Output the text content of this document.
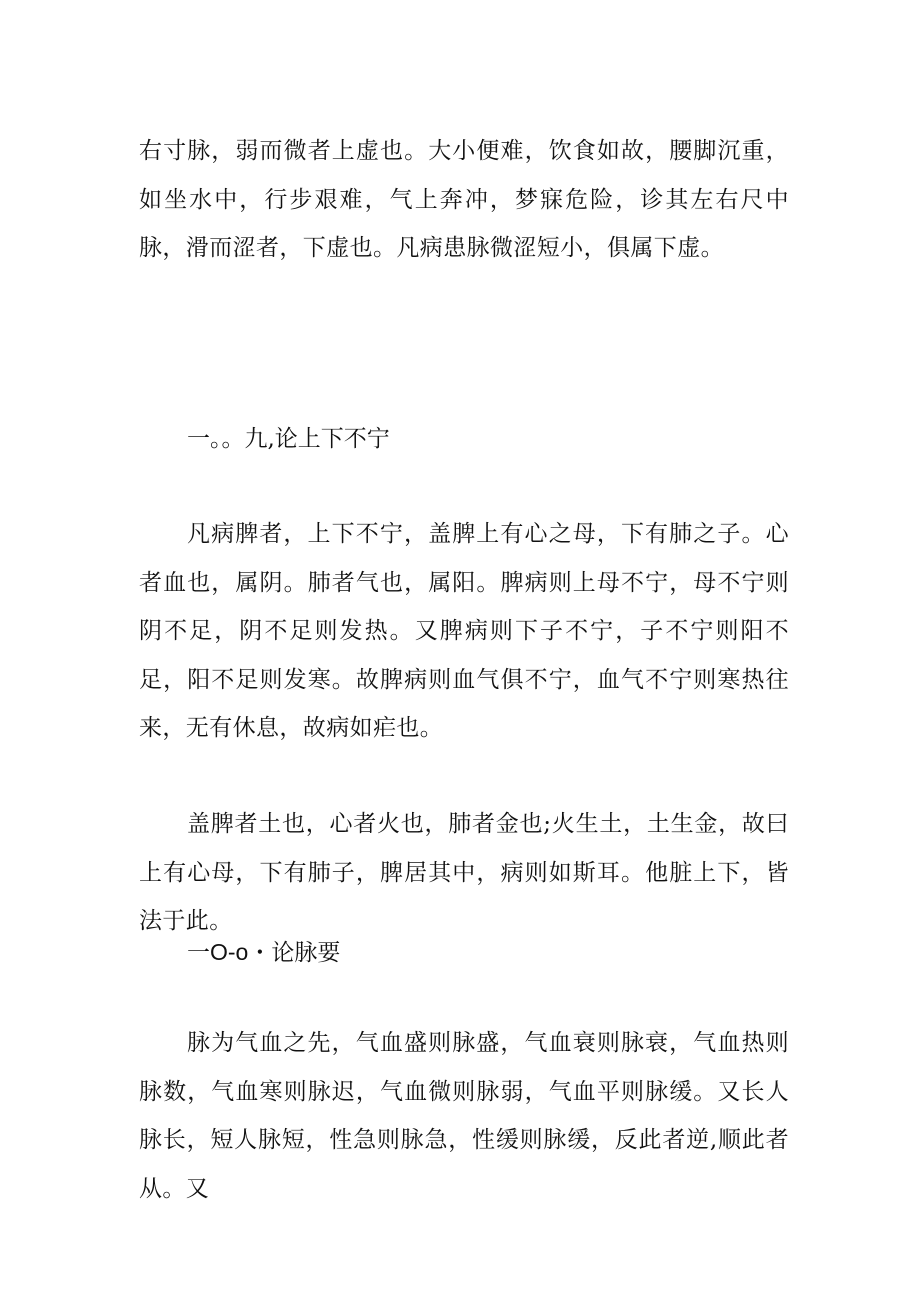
右寸脉，弱而微者上虚也。大小便难，饮食如故，腰脚沉重，如坐水中，行步艰难，气上奔冲，梦寐危险，诊其左右尺中脉，滑而涩者，下虚也。凡病患脉微涩短小，俱属下虚。

一。。九,论上下不宁

凡病脾者，上下不宁，盖脾上有心之母，下有肺之子。心者血也，属阴。肺者气也，属阳。脾病则上母不宁，母不宁则阴不足，阴不足则发热。又脾病则下子不宁，子不宁则阳不足，阳不足则发寒。故脾病则血气俱不宁，血气不宁则寒热往来，无有休息，故病如疟也。

盖脾者土也，心者火也，肺者金也;火生土，土生金，故曰上有心母，下有肺子，脾居其中，病则如斯耳。他脏上下，皆法于此。

一O-o・论脉要

脉为气血之先，气血盛则脉盛，气血衰则脉衰，气血热则脉数，气血寒则脉迟，气血微则脉弱，气血平则脉缓。又长人脉长，短人脉短，性急则脉急，性缓则脉缓，反此者逆,顺此者从。又
